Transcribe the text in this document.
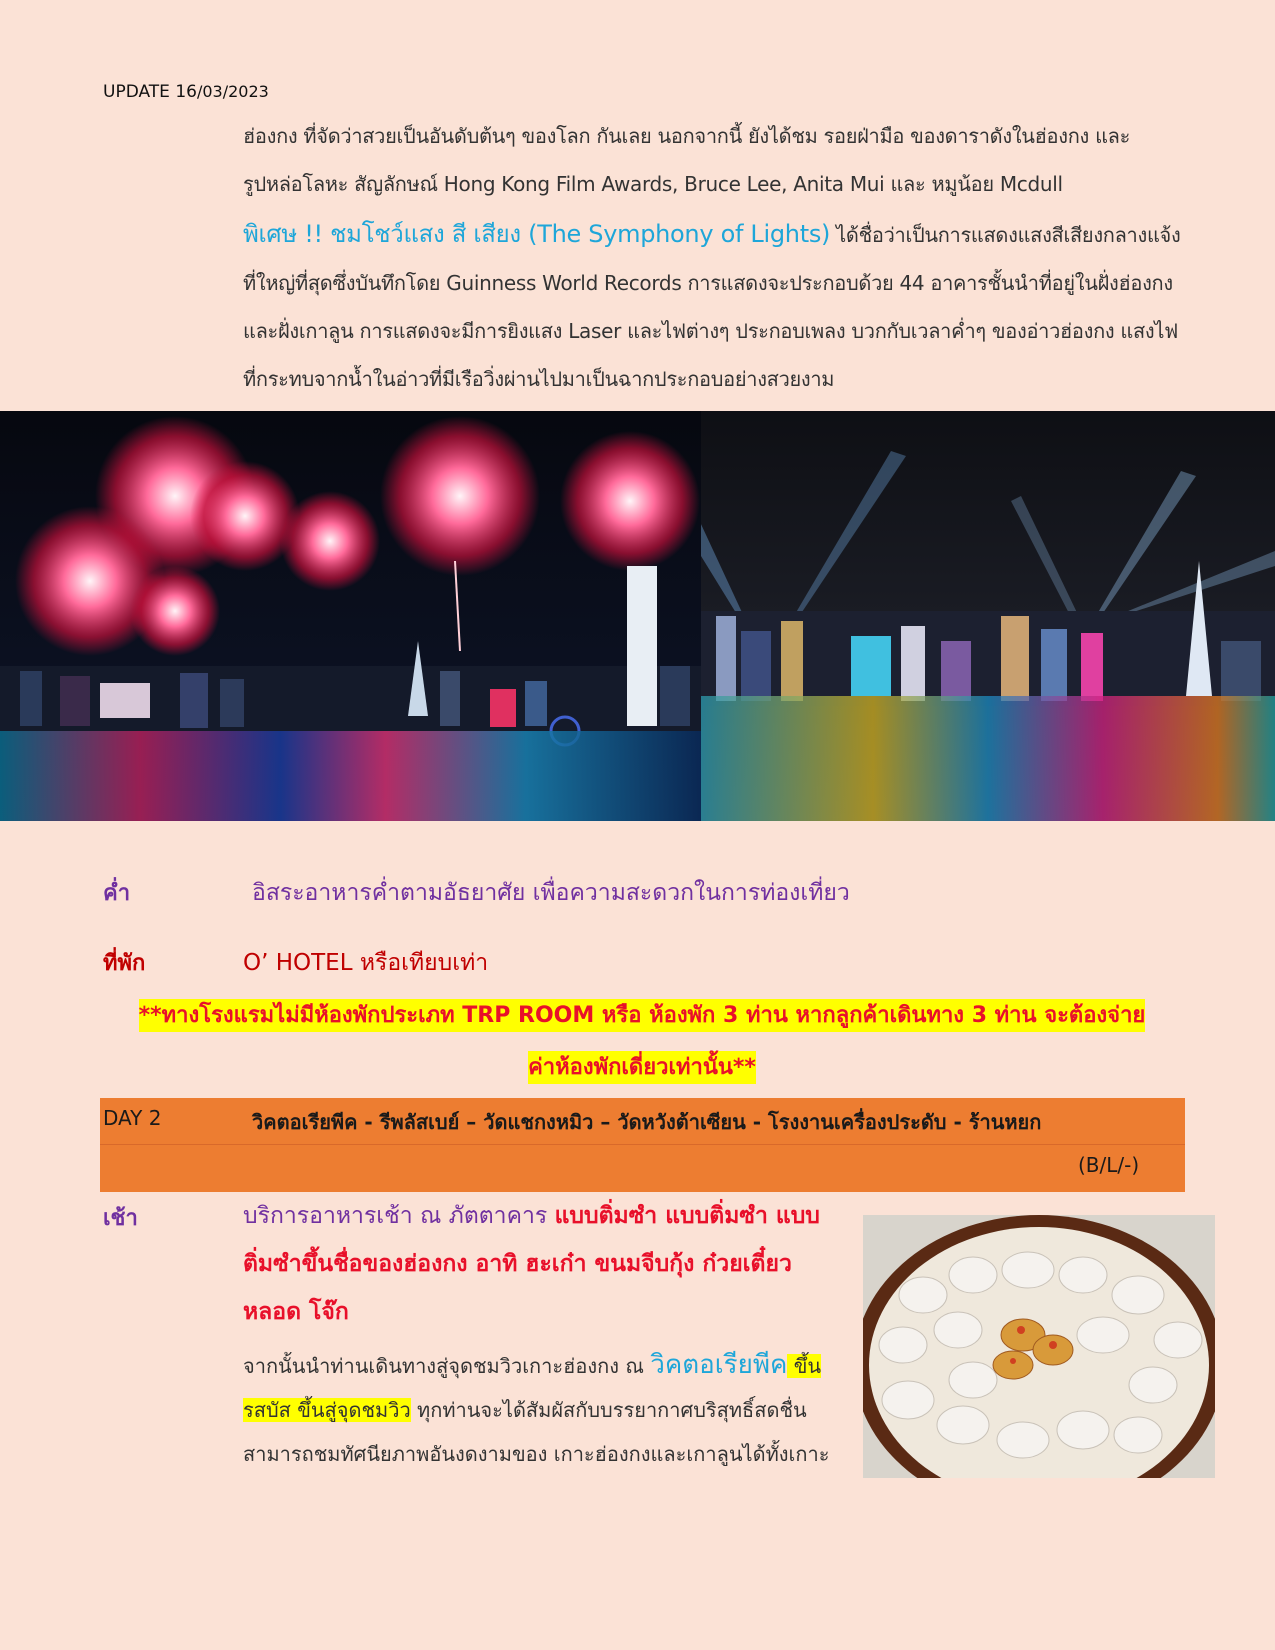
UPDATE 16/03/2023
ฮ่องกง ที่จัดว่าสวยเป็นอันดับต้นๆ ของโลก กันเลย นอกจากนี้ ยังได้ชม รอยฝ่ามือ ของดาราดังในฮ่องกง และ
รูปหล่อโลหะ สัญลักษณ์ Hong Kong Film Awards, Bruce Lee, Anita Mui และ หมูน้อย Mcdull
พิเศษ !! ชมโชว์แสง สี เสียง (The Symphony of Lights) ได้ชื่อว่าเป็นการแสดงแสงสีเสียงกลางแจ้งที่ใหญ่ที่สุดซึ่งบันทึกโดย Guinness World Records การแสดงจะประกอบด้วย 44 อาคารชั้นนำที่อยู่ในฝั่งฮ่องกง และฝั่งเกาลูน การแสดงจะมีการยิงแสง Laser และไฟต่างๆ ประกอบเพลง บวกกับเวลาค่ำๆ ของอ่าวฮ่องกง แสงไฟที่กระทบจากน้ำในอ่าวที่มีเรือวิ่งผ่านไปมาเป็นฉากประกอบอย่างสวยงาม
ค่ำ	อิสระอาหารค่ำตามอัธยาศัย เพื่อความสะดวกในการท่องเที่ยว
ที่พัก	O’ HOTEL หรือเทียบเท่า
**ทางโรงแรมไม่มีห้องพักประเภท TRP ROOM หรือ ห้องพัก 3 ท่าน หากลูกค้าเดินทาง 3 ท่าน จะต้องจ่าย
ค่าห้องพักเดี่ยวเท่านั้น**
DAY 2	วิคตอเรียพีค - รีพลัสเบย์ – วัดแชกงหมิว – วัดหวังต้าเซียน - โรงงานเครื่องประดับ - ร้านหยก
(B/L/-)
เช้า	บริการอาหารเช้า ณ ภัตตาคาร แบบติ่มซำ แบบติ่มซำ แบบติ่มซำขึ้นชื่อของฮ่องกง อาทิ ฮะเก๋า ขนมจีบกุ้ง ก๋วยเตี๋ยวหลอด โจ๊ก
จากนั้นนำท่านเดินทางสู่จุดชมวิวเกาะฮ่องกง ณ วิคตอเรียพีค ขึ้น รสบัส ขึ้นสู่จุดชมวิว ทุกท่านจะได้สัมผัสกับบรรยากาศบริสุทธิ์สดชื่น สามารถชมทัศนียภาพอันงดงามของ เกาะฮ่องกงและเกาลูนได้ทั้งเกาะ
